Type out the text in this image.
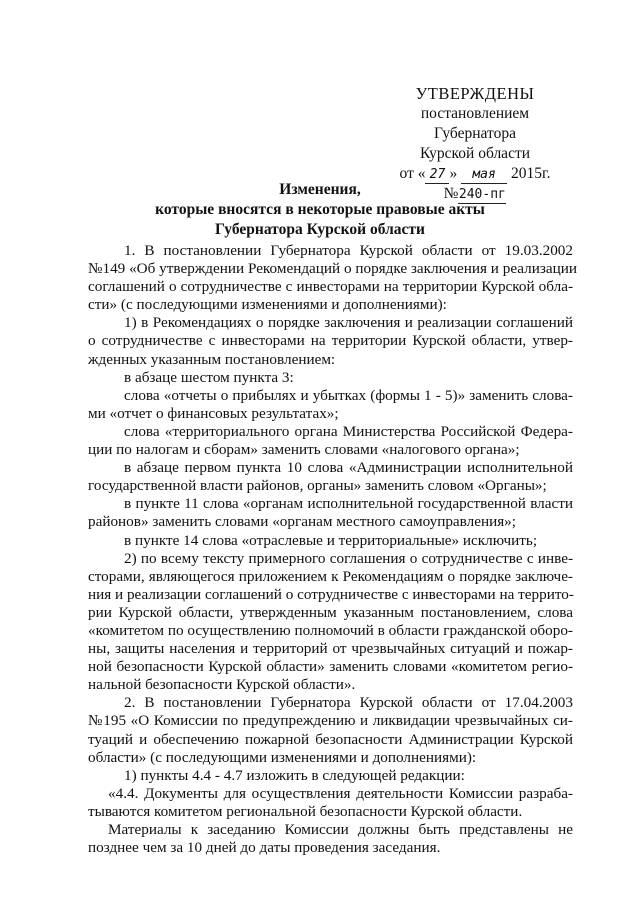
УТВЕРЖДЕНЫ
постановлением Губернатора
Курской области
от « 27 » мая 2015г.
№240-пг
Изменения,
которые вносятся в некоторые правовые акты
Губернатора Курской области
1. В постановлении Губернатора Курской области от 19.03.2002
№149 «Об утверждении Рекомендаций о порядке заключения и реализации
соглашений о сотрудничестве с инвесторами на территории Курской обла-
сти» (с последующими изменениями и дополнениями):
1) в Рекомендациях о порядке заключения и реализации соглашений
о сотрудничестве с инвесторами на территории Курской области, утвер-
жденных указанным постановлением:
в абзаце шестом пункта 3:
слова «отчеты о прибылях и убытках (формы 1 - 5)» заменить слова-
ми «отчет о финансовых результатах»;
слова «территориального органа Министерства Российской Федера-
ции по налогам и сборам» заменить словами «налогового органа»;
в абзаце первом пункта 10 слова «Администрации исполнительной
государственной власти районов, органы» заменить словом «Органы»;
в пункте 11 слова «органам исполнительной государственной власти
районов» заменить словами «органам местного самоуправления»;
в пункте 14 слова «отраслевые и территориальные» исключить;
2) по всему тексту примерного соглашения о сотрудничестве с инве-
сторами, являющегося приложением к Рекомендациям о порядке заключе-
ния и реализации соглашений о сотрудничестве с инвесторами на террито-
рии Курской области, утвержденным указанным постановлением, слова
«комитетом по осуществлению полномочий в области гражданской оборо-
ны, защиты населения и территорий от чрезвычайных ситуаций и пожар-
ной безопасности Курской области» заменить словами «комитетом регио-
нальной безопасности Курской области».
2. В постановлении Губернатора Курской области от 17.04.2003
№195 «О Комиссии по предупреждению и ликвидации чрезвычайных си-
туаций и обеспечению пожарной безопасности Администрации Курской
области» (с последующими изменениями и дополнениями):
1) пункты 4.4 - 4.7 изложить в следующей редакции:
«4.4. Документы для осуществления деятельности Комиссии разраба-
тываются комитетом региональной безопасности Курской области.
Материалы к заседанию Комиссии должны быть представлены не
позднее чем за 10 дней до даты проведения заседания.
